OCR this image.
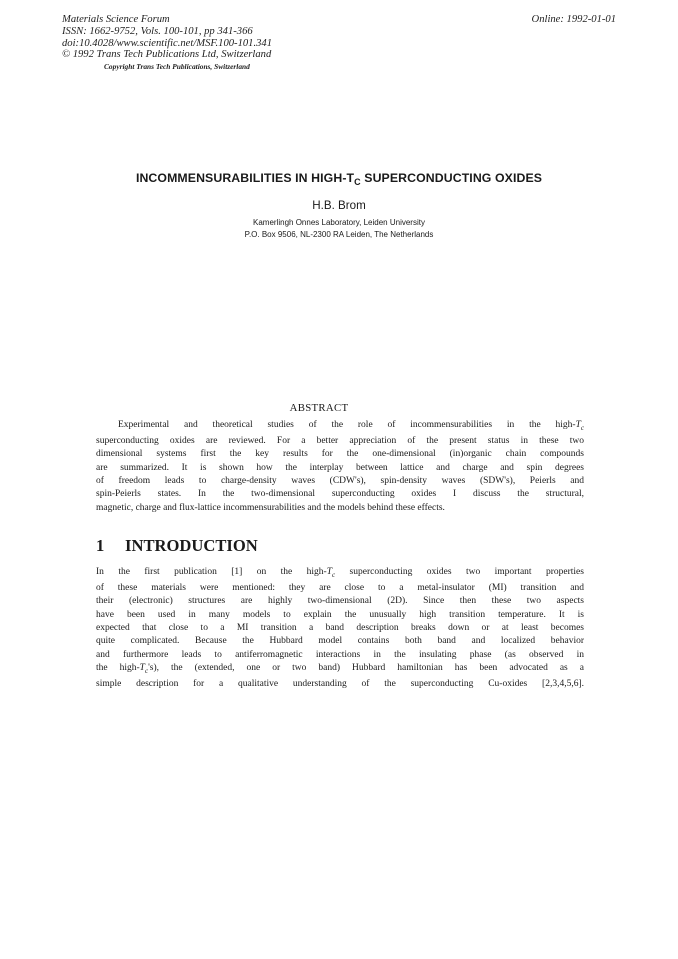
Materials Science Forum
ISSN: 1662-9752, Vols. 100-101, pp 341-366
doi:10.4028/www.scientific.net/MSF.100-101.341
© 1992 Trans Tech Publications Ltd, Switzerland
Copyright Trans Tech Publications, Switzerland
Online: 1992-01-01
INCOMMENSURABILITIES IN HIGH-$T_C$ SUPERCONDUCTING OXIDES
H.B. Brom
Kamerlingh Onnes Laboratory, Leiden University
P.O. Box 9506, NL-2300 RA Leiden, The Netherlands
ABSTRACT
Experimental and theoretical studies of the role of incommensurabilities in the high-$T_c$
superconducting oxides are reviewed. For a better appreciation of the present status in these two
dimensional systems first the key results for the one-dimensional (in)organic chain compounds
are summarized. It is shown how the interplay between lattice and charge and spin degrees
of freedom leads to charge-density waves (CDW's), spin-density waves (SDW's), Peierls and
spin-Peierls states. In the two-dimensional superconducting oxides I discuss the structural,
magnetic, charge and flux-lattice incommensurabilities and the models behind these effects.
1 INTRODUCTION
In the first publication [1] on the high-$T_c$ superconducting oxides two important properties
of these materials were mentioned: they are close to a metal-insulator (MI) transition and
their (electronic) structures are highly two-dimensional (2D). Since then these two aspects
have been used in many models to explain the unusually high transition temperature. It is
expected that close to a MI transition a band description breaks down or at least becomes
quite complicated. Because the Hubbard model contains both band and localized behavior
and furthermore leads to antiferromagnetic interactions in the insulating phase (as observed in
the high-$T_c's$), the (extended, one or two band) Hubbard hamiltonian has been advocated as a
simple description for a qualitative understanding of the superconducting Cu-oxides [2,3,4,5,6].
